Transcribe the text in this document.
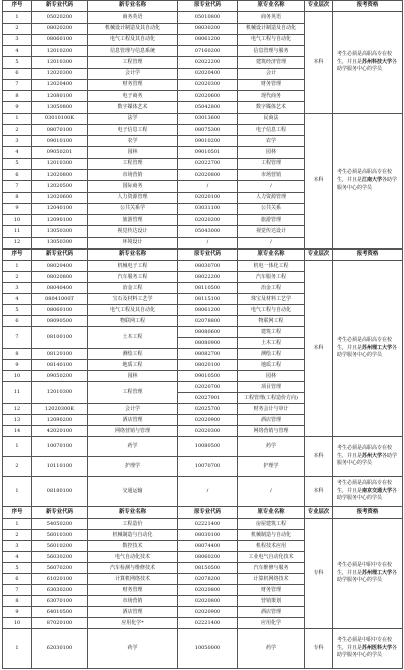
序号	新专业代码	新专业名称	原专业代码	原专业名称	专业层次	报考资格
1	05020200	商务英语	05010800	商务英语	本科	考生必须是高职高专在校生，并且是苏州科技大学各助学服务中心的学员
2	08020200	机械设计制造及其自动化	08030200	机械设计制造及自动化		
3	08060100	电气工程及其自动化	08061200	电气工程与自动化		
4	12010200	信息管理与信息系统	07160200	信息管理与服务		
5	12010300	工程管理	02022200	建筑经济管理		
6	12020300	会计学	02020400	会计		
7	12020400	财务管理	02020300	财务管理		
8	12080100	电子商务	02020600	现代商务		
9	13050800	数字媒体艺术	05042800	数字媒体艺术		
1	03010100K	法学	03013600	民商法	本科	考生必须是高职高专在校生，并且是江南大学各助学服务中心的学员
2	08070100	电子信息工程	08075300	电子信息工程		
3	09010100	农学	09010200	农学		
4	09050201	园林	09010501	园林		
5	12010300	工程管理	02022700	工程管理		
6	12020800	市场营销	02020800	市场营销		
7	12020500	国际商务	/	/		
8	12020600	人力资源管理	02020100	人力资源管理		
9	12040100	公共关系学	03031100	公共关系		
10	12090100	旅游管理	02020200	旅游管理		
11	13050300	视觉传达设计	05043000	视觉传达设计		
12	13050300	环境设计	/	/		
序号	新专业代码	新专业名称	原专业代码	原专业名称	专业层次	报考资格
1	08020400	机械电子工程	08030700	机电一体化工程	本科	考生必须是高职高专在校生，并且是苏州理工大学各助学服务中心的学员
2	08020800	汽车服务工程	08022200	汽车服务工程		
3	08040400	冶金工程	08110500	冶金工程		
4	08041000T	宝石及材料工艺学	08115100	珠宝及材料工艺学		
5	08060100	电气工程及其自动化	08061200	电气工程与自动化		
6	08090500	物联网工程	02078800	物联网工程		
7	08100100	土木工程	08080600	建筑工程		
			08080900	土木工程		
8	08120100	测绘工程	08082700	测绘工程		
9	08140100	地质工程	08020100	地质工程		
10	09050200	园林	09010500	园林		
11	12010300	工程管理	02020700	项目管理		
			02027901	工程管理(工程造价方向)		
12	12020300K	会计学	02025700	财务会计与审计		
13	12090200	酒店管理	02020900	酒店管理		
14	42020100	网络营销与管理	02020300	网络营销与管理		
1	10070100	药学	10080500	药学	本科	考生必须是高职高专在校生，并且是苏州大学各助学服务中心的学员
2	10110100	护理学	10070700	护理学		
1	08180100	交通运输	/	/	本科	考生必须是高职高专在校生，并且是南京交通大学各助学服务中心的学员
序号	新专业代码	新专业名称	原专业代码	原专业名称	专业层次	报考资格
1	54050200	工程造价	02221400	房屋建筑工程	专科	考生必须是中职中专在校生，并且是苏州理工大学各助学服务中心的学员
2	56010300	机械制造与自动化	08030100	机械制造与自动化		
3	56010200	数控技术	08074400	机程技术应用		
4	56030200	电气自动化技术	08060200	工业电气自动化技术		
5	56070200	汽车检测与维修技术	08150500	汽车维修与服务		
6	61020100	计算机网络技术	02078200	计算机网络技术		
7	63030200	财务管理	02020800	财务管理		
8	63070100	市场营销	02020800	营销策划		
9	64010500	酒店管理	02020900	酒店管理		
10	87020100	应用化学*	02221400	应用化学		
1	62030100	药学	10050000	药学	专科	考生必须是中职中专在校生，并且是苏州医科大学各助学服务中心的学员
